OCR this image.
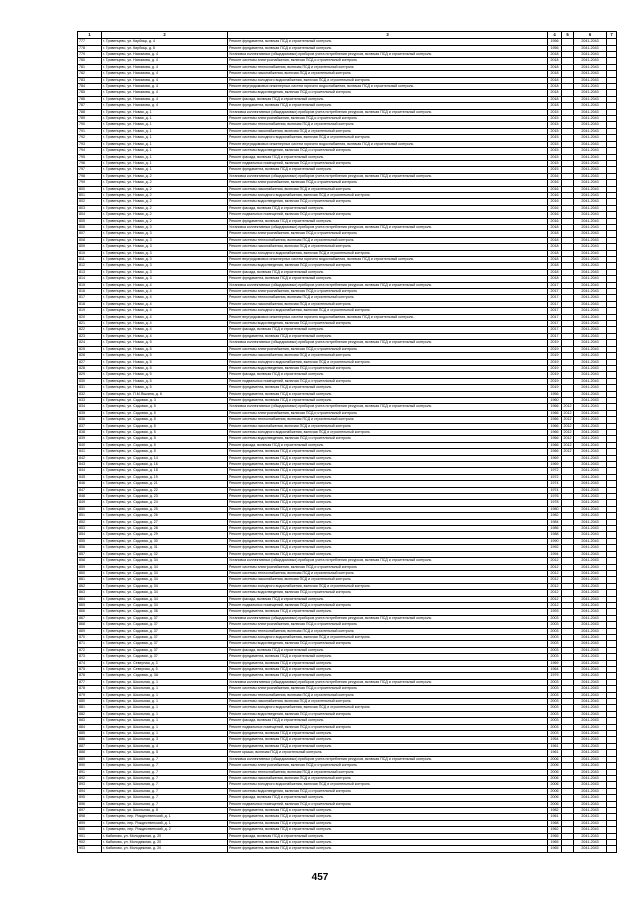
1	2	3	4	5	6	7
777	г. Гривенцево, ул. Кирбицк, д. 4	Ремонт фундамента, включая ПСД и строительный контроль	1956		2041-2043	
778	г. Гривенцево, ул. Кирбицк, д. 6	Ремонт фундамента, включая ПСД и строительный контроль	1956		2041-2043	
779	г. Гривенцево, ул. Нахимова, д. 4	Установка коллективных (общедомовых) приборов учета потребления ресурсов, включая ПСД и строительный контроль	2018		2041-2043	
780	г. Гривенцево, ул. Нахимова, д. 4	Ремонт системы электроснабжения, включая ПСД и строительный контроль	2018		2041-2043	
781	г. Гривенцево, ул. Нахимова, д. 4	Ремонт системы теплоснабжения, включая ПСД и строительный контроль	2018		2041-2043	
782	г. Гривенцево, ул. Нахимова, д. 4	Ремонт системы газоснабжения, включая ПСД и строительный контроль	2018		2041-2043	
783	г. Гривенцево, ул. Нахимова, д. 4	Ремонт системы холодного водоснабжения, включая ПСД и строительный контроль	2018		2041-2043	
784	г. Гривенцево, ул. Нахимова, д. 4	Ремонт внутридомовых инженерных систем горячего водоснабжения, включая ПСД и строительный контроль	2018		2041-2043	
785	г. Гривенцево, ул. Нахимова, д. 4	Ремонт системы водоотведения, включая ПСД и строительный контроль	2018		2041-2043	
786	г. Гривенцево, ул. Нахимова, д. 4	Ремонт фасада, включая ПСД и строительный контроль	2018		2041-2043	
787	г. Гривенцево, ул. Нахимова, д. 4	Ремонт фундамента, включая ПСД и строительный контроль	2018		2041-2043	
788	г. Гривенцево, ул. Новая, д. 1	Установка коллективных (общедомовых) приборов учета потребления ресурсов, включая ПСД и строительный контроль	2015		2041-2043	
789	г. Гривенцево, ул. Новая, д. 1	Ремонт системы электроснабжения, включая ПСД и строительный контроль	2015		2041-2043	
790	г. Гривенцево, ул. Новая, д. 1	Ремонт системы теплоснабжения, включая ПСД и строительный контроль	2015		2041-2043	
791	г. Гривенцево, ул. Новая, д. 1	Ремонт системы газоснабжения, включая ПСД и строительный контроль	2015		2041-2043	
792	г. Гривенцево, ул. Новая, д. 1	Ремонт системы холодного водоснабжения, включая ПСД и строительный контроль	2015		2041-2043	
793	г. Гривенцево, ул. Новая, д. 1	Ремонт внутридомовых инженерных систем горячего водоснабжения, включая ПСД и строительный контроль	2015		2041-2043	
794	г. Гривенцево, ул. Новая, д. 1	Ремонт системы водоотведения, включая ПСД и строительный контроль	2015		2041-2043	
795	г. Гривенцево, ул. Новая, д. 1	Ремонт фасада, включая ПСД и строительный контроль	2015		2041-2043	
796	г. Гривенцево, ул. Новая, д. 1	Ремонт подвальных помещений, включая ПСД и строительный контроль	2015		2041-2043	
797	г. Гривенцево, ул. Новая, д. 1	Ремонт фундамента, включая ПСД и строительный контроль	2015		2041-2043	
798	г. Гривенцево, ул. Новая, д. 2	Установка коллективных (общедомовых) приборов учета потребления ресурсов, включая ПСД и строительный контроль	2016		2041-2043	
799	г. Гривенцево, ул. Новая, д. 2	Ремонт системы электроснабжения, включая ПСД и строительный контроль	2016		2041-2043	
800	г. Гривенцево, ул. Новая, д. 2	Ремонт системы газоснабжения, включая ПСД и строительный контроль	2016		2041-2043	
801	г. Гривенцево, ул. Новая, д. 2	Ремонт системы холодного водоснабжения, включая ПСД и строительный контроль	2016		2041-2043	
802	г. Гривенцево, ул. Новая, д. 2	Ремонт системы водоотведения, включая ПСД и строительный контроль	2016		2041-2043	
803	г. Гривенцево, ул. Новая, д. 2	Ремонт фасада, включая ПСД и строительный контроль	2016		2041-2043	
804	г. Гривенцево, ул. Новая, д. 2	Ремонт подвальных помещений, включая ПСД и строительный контроль	2016		2041-2043	
805	г. Гривенцево, ул. Новая, д. 2	Ремонт фундамента, включая ПСД и строительный контроль	2016		2041-2043	
806	г. Гривенцево, ул. Новая, д. 3	Установка коллективных (общедомовых) приборов учета потребления ресурсов, включая ПСД и строительный контроль	2018		2041-2043	
807	г. Гривенцево, ул. Новая, д. 3	Ремонт системы электроснабжения, включая ПСД и строительный контроль	2018		2041-2043	
808	г. Гривенцево, ул. Новая, д. 3	Ремонт системы теплоснабжения, включая ПСД и строительный контроль	2018		2041-2043	
809	г. Гривенцево, ул. Новая, д. 3	Ремонт системы газоснабжения, включая ПСД и строительный контроль	2018		2041-2043	
810	г. Гривенцево, ул. Новая, д. 3	Ремонт системы холодного водоснабжения, включая ПСД и строительный контроль	2018		2041-2043	
811	г. Гривенцево, ул. Новая, д. 3	Ремонт внутридомовых инженерных систем горячего водоснабжения, включая ПСД и строительный контроль	2018		2041-2043	
812	г. Гривенцево, ул. Новая, д. 3	Ремонт системы водоотведения, включая ПСД и строительный контроль	2018		2041-2043	
813	г. Гривенцево, ул. Новая, д. 3	Ремонт фасада, включая ПСД и строительный контроль	2018		2041-2043	
814	г. Гривенцево, ул. Новая, д. 3	Ремонт фундамента, включая ПСД и строительный контроль	2018		2041-2043	
815	г. Гривенцево, ул. Новая, д. 4	Установка коллективных (общедомовых) приборов учета потребления ресурсов, включая ПСД и строительный контроль	2017		2041-2043	
816	г. Гривенцево, ул. Новая, д. 4	Ремонт системы электроснабжения, включая ПСД и строительный контроль	2017		2041-2043	
817	г. Гривенцево, ул. Новая, д. 4	Ремонт системы теплоснабжения, включая ПСД и строительный контроль	2017		2041-2043	
818	г. Гривенцево, ул. Новая, д. 4	Ремонт системы газоснабжения, включая ПСД и строительный контроль	2017		2041-2043	
819	г. Гривенцево, ул. Новая, д. 4	Ремонт системы холодного водоснабжения, включая ПСД и строительный контроль	2017		2041-2043	
820	г. Гривенцево, ул. Новая, д. 4	Ремонт внутридомовых инженерных систем горячего водоснабжения, включая ПСД и строительный контроль	2017		2041-2043	
821	г. Гривенцево, ул. Новая, д. 4	Ремонт системы водоотведения, включая ПСД и строительный контроль	2017		2041-2043	
822	г. Гривенцево, ул. Новая, д. 4	Ремонт фасада, включая ПСД и строительный контроль	2017		2041-2043	
823	г. Гривенцево, ул. Новая, д. 4	Ремонт фундамента, включая ПСД и строительный контроль	2017		2041-2043	
824	г. Гривенцево, ул. Новая, д. 5	Установка коллективных (общедомовых) приборов учета потребления ресурсов, включая ПСД и строительный контроль	2019		2041-2043	
825	г. Гривенцево, ул. Новая, д. 5	Ремонт системы электроснабжения, включая ПСД и строительный контроль	2019		2041-2043	
826	г. Гривенцево, ул. Новая, д. 5	Ремонт системы газоснабжения, включая ПСД и строительный контроль	2019		2041-2043	
827	г. Гривенцево, ул. Новая, д. 5	Ремонт системы холодного водоснабжения, включая ПСД и строительный контроль	2019		2041-2043	
828	г. Гривенцево, ул. Новая, д. 5	Ремонт системы водоотведения, включая ПСД и строительный контроль	2019		2041-2043	
829	г. Гривенцево, ул. Новая, д. 5	Ремонт фасада, включая ПСД и строительный контроль	2019		2041-2043	
830	г. Гривенцево, ул. Новая, д. 5	Ремонт подвальных помещений, включая ПСД и строительный контроль	2019		2041-2043	
831	г. Гривенцево, ул. Новая, д. 5	Ремонт фундамента, включая ПСД и строительный контроль	2019		2041-2043	
832	г. Гривенцево, ул. П.М.Яшкина, д. 6	Ремонт фундамента, включая ПСД и строительный контроль	1956		2041-2043	
833	г. Гривенцево, ул. Садовая, д. 3	Ремонт фундамента, включая ПСД и строительный контроль	1960		2041-2043	
834	г. Гривенцево, ул. Садовая, д. 5	Установка коллективных (общедомовых) приборов учета потребления ресурсов, включая ПСД и строительный контроль	1966	2012	2041-2043	
835	г. Гривенцево, ул. Садовая, д. 5	Ремонт системы электроснабжения, включая ПСД и строительный контроль	1966	2012	2041-2043	
836	г. Гривенцево, ул. Садовая, д. 5	Ремонт системы теплоснабжения, включая ПСД и строительный контроль	1966	2012	2041-2043	
837	г. Гривенцево, ул. Садовая, д. 5	Ремонт системы газоснабжения, включая ПСД и строительный контроль	1966	2012	2041-2043	
838	г. Гривенцево, ул. Садовая, д. 5	Ремонт системы холодного водоснабжения, включая ПСД и строительный контроль	1966	2012	2041-2043	
839	г. Гривенцево, ул. Садовая, д. 5	Ремонт системы водоотведения, включая ПСД и строительный контроль	1966	2012	2041-2043	
840	г. Гривенцево, ул. Садовая, д. 5	Ремонт фасада, включая ПСД и строительный контроль	1966	2012	2041-2043	
841	г. Гривенцево, ул. Садовая, д. 5	Ремонт фундамента, включая ПСД и строительный контроль	1966	2012	2041-2043	
842	г. Гривенцево, ул. Садовая, д. 14	Ремонт фундамента, включая ПСД и строительный контроль	1969		2041-2043	
843	г. Гривенцево, ул. Садовая, д. 16	Ремонт фундамента, включая ПСД и строительный контроль	1969		2041-2043	
844	г. Гривенцево, ул. Садовая, д. 18	Ремонт фундамента, включая ПСД и строительный контроль	1972		2041-2043	
845	г. Гривенцево, ул. Садовая, д. 19	Ремонт фундамента, включая ПСД и строительный контроль	1972		2041-2043	
846	г. Гривенцево, ул. Садовая, д. 21	Ремонт фундамента, включая ПСД и строительный контроль	1974		2041-2043	
847	г. Гривенцево, ул. Садовая, д. 22	Ремонт фундамента, включая ПСД и строительный контроль	1974		2041-2043	
848	г. Гривенцево, ул. Садовая, д. 23	Ремонт фундамента, включая ПСД и строительный контроль	1976		2041-2043	
849	г. Гривенцево, ул. Садовая, д. 24	Ремонт фундамента, включая ПСД и строительный контроль	1978		2041-2043	
850	г. Гривенцево, ул. Садовая, д. 25	Ремонт фундамента, включая ПСД и строительный контроль	1980		2041-2043	
851	г. Гривенцево, ул. Садовая, д. 26	Ремонт фундамента, включая ПСД и строительный контроль	1982		2041-2043	
852	г. Гривенцево, ул. Садовая, д. 27	Ремонт фундамента, включая ПСД и строительный контроль	1984		2041-2043	
853	г. Гривенцево, ул. Садовая, д. 28	Ремонт фундамента, включая ПСД и строительный контроль	1986		2041-2043	
854	г. Гривенцево, ул. Садовая, д. 29	Ремонт фундамента, включая ПСД и строительный контроль	1988		2041-2043	
855	г. Гривенцево, ул. Садовая, д. 30	Ремонт фундамента, включая ПСД и строительный контроль	1990		2041-2043	
856	г. Гривенцево, ул. Садовая, д. 31	Ремонт фундамента, включая ПСД и строительный контроль	1992		2041-2043	
857	г. Гривенцево, ул. Садовая, д. 32	Ремонт фундамента, включая ПСД и строительный контроль	1994		2041-2043	
858	г. Гривенцево, ул. Садовая, д. 34	Установка коллективных (общедомовых) приборов учета потребления ресурсов, включая ПСД и строительный контроль	2012		2041-2043	
859	г. Гривенцево, ул. Садовая, д. 34	Ремонт системы электроснабжения, включая ПСД и строительный контроль	2012		2041-2043	
860	г. Гривенцево, ул. Садовая, д. 34	Ремонт системы теплоснабжения, включая ПСД и строительный контроль	2012		2041-2043	
861	г. Гривенцево, ул. Садовая, д. 34	Ремонт системы газоснабжения, включая ПСД и строительный контроль	2012		2041-2043	
862	г. Гривенцево, ул. Садовая, д. 34	Ремонт системы холодного водоснабжения, включая ПСД и строительный контроль	2012		2041-2043	
863	г. Гривенцево, ул. Садовая, д. 34	Ремонт системы водоотведения, включая ПСД и строительный контроль	2012		2041-2043	
864	г. Гривенцево, ул. Садовая, д. 34	Ремонт фасада, включая ПСД и строительный контроль	2012		2041-2043	
865	г. Гривенцево, ул. Садовая, д. 34	Ремонт подвальных помещений, включая ПСД и строительный контроль	2012		2041-2043	
866	г. Гривенцево, ул. Садовая, д. 36	Ремонт фундамента, включая ПСД и строительный контроль	1993		2041-2043	
867	г. Гривенцево, ул. Садовая, д. 37	Установка коллективных (общедомовых) приборов учета потребления ресурсов, включая ПСД и строительный контроль	2003		2041-2043	
868	г. Гривенцево, ул. Садовая, д. 37	Ремонт системы электроснабжения, включая ПСД и строительный контроль	2003		2041-2043	
869	г. Гривенцево, ул. Садовая, д. 37	Ремонт системы теплоснабжения, включая ПСД и строительный контроль	2003		2041-2043	
870	г. Гривенцево, ул. Садовая, д. 37	Ремонт системы холодного водоснабжения, включая ПСД и строительный контроль	2003		2041-2043	
871	г. Гривенцево, ул. Садовая, д. 37	Ремонт системы водоотведения, включая ПСД и строительный контроль	2003		2041-2043	
872	г. Гривенцево, ул. Садовая, д. 37	Ремонт фасада, включая ПСД и строительный контроль	2003		2041-2043	
873	г. Гривенцево, ул. Садовая, д. 37	Ремонт фундамента, включая ПСД и строительный контроль	2003		2041-2043	
874	г. Гривенцево, ул. Северная, д. 3	Ремонт фундамента, включая ПСД и строительный контроль	1969		2041-2043	
875	г. Гривенцево, ул. Северная, д. 5	Ремонт фундамента, включая ПСД и строительный контроль	1964		2041-2043	
876	г. Гривенцево, ул. Садовая, д. 3А	Ремонт фундамента, включая ПСД и строительный контроль	1979		2041-2043	
877	г. Гривенцево, ул. Школьная, д. 1	Установка коллективных (общедомовых) приборов учета потребления ресурсов, включая ПСД и строительный контроль	2003		2041-2043	
878	г. Гривенцево, ул. Школьная, д. 1	Ремонт системы электроснабжения, включая ПСД и строительный контроль	2003		2041-2043	
879	г. Гривенцево, ул. Школьная, д. 1	Ремонт системы теплоснабжения, включая ПСД и строительный контроль	2003		2041-2043	
880	г. Гривенцево, ул. Школьная, д. 1	Ремонт системы газоснабжения, включая ПСД и строительный контроль	2003		2041-2043	
881	г. Гривенцево, ул. Школьная, д. 1	Ремонт системы холодного водоснабжения, включая ПСД и строительный контроль	2003		2041-2043	
882	г. Гривенцево, ул. Школьная, д. 1	Ремонт системы водоотведения, включая ПСД и строительный контроль	2003		2041-2043	
883	г. Гривенцево, ул. Школьная, д. 1	Ремонт фасада, включая ПСД и строительный контроль	2003		2041-2043	
884	г. Гривенцево, ул. Школьная, д. 1	Ремонт подвальных помещений, включая ПСД и строительный контроль	2003		2041-2043	
885	г. Гривенцево, ул. Школьная, д. 1	Ремонт фундамента, включая ПСД и строительный контроль	2003		2041-2043	
886	г. Гривенцево, ул. Школьная, д. 3	Ремонт фундамента, включая ПСД и строительный контроль	1954		2041-2043	
887	г. Гривенцево, ул. Школьная, д. 4	Ремонт фундамента, включая ПСД и строительный контроль	1961		2041-2043	
888	г. Гривенцево, ул. Школьная, д. 5	Ремонт крыши, включая ПСД и строительный контроль	1961		2041-2043	
889	г. Гривенцево, ул. Школьная, д. 7	Установка коллективных (общедомовых) приборов учета потребления ресурсов, включая ПСД и строительный контроль	2006		2041-2043	
890	г. Гривенцево, ул. Школьная, д. 7	Ремонт системы электроснабжения, включая ПСД и строительный контроль	2006		2041-2043	
891	г. Гривенцево, ул. Школьная, д. 7	Ремонт системы теплоснабжения, включая ПСД и строительный контроль	2006		2041-2043	
892	г. Гривенцево, ул. Школьная, д. 7	Ремонт системы газоснабжения, включая ПСД и строительный контроль	2006		2041-2043	
893	г. Гривенцево, ул. Школьная, д. 7	Ремонт системы холодного водоснабжения, включая ПСД и строительный контроль	2006		2041-2043	
894	г. Гривенцево, ул. Школьная, д. 7	Ремонт системы водоотведения, включая ПСД и строительный контроль	2006		2041-2043	
895	г. Гривенцево, ул. Школьная, д. 7	Ремонт фасада, включая ПСД и строительный контроль	2006		2041-2043	
896	г. Гривенцево, ул. Школьная, д. 7	Ремонт подвальных помещений, включая ПСД и строительный контроль	2006		2041-2043	
897	г. Гривенцево, ул. Школьная, д. 8	Ремонт фундамента, включая ПСД и строительный контроль	1982		2041-2043	
898	г. Гривенцево, пер. Рождественский, д. 1	Ремонт фундамента, включая ПСД и строительный контроль	1961		2041-2043	
899	г. Гривенцево, пер. Рождественский, д. 1	Ремонт фундамента, включая ПСД и строительный контроль	1968		2041-2043	
900	г. Гривенцево, пер. Рождественский, д. 2	Ремонт фундамента, включая ПСД и строительный контроль	1962		2041-2043	
901	г. Кабаново, ул. Молодежная, д. 20	Ремонт фасада, включая ПСД и строительный контроль	1965		2041-2043	
902	г. Кабаново, ул. Молодежная, д. 20	Ремонт фундамента, включая ПСД и строительный контроль	1965		2041-2043	
903	г. Кабаново, ул. Молодежная, д. 20	Ремонт фундамента, включая ПСД и строительный контроль	1965		2041-2043	
457
